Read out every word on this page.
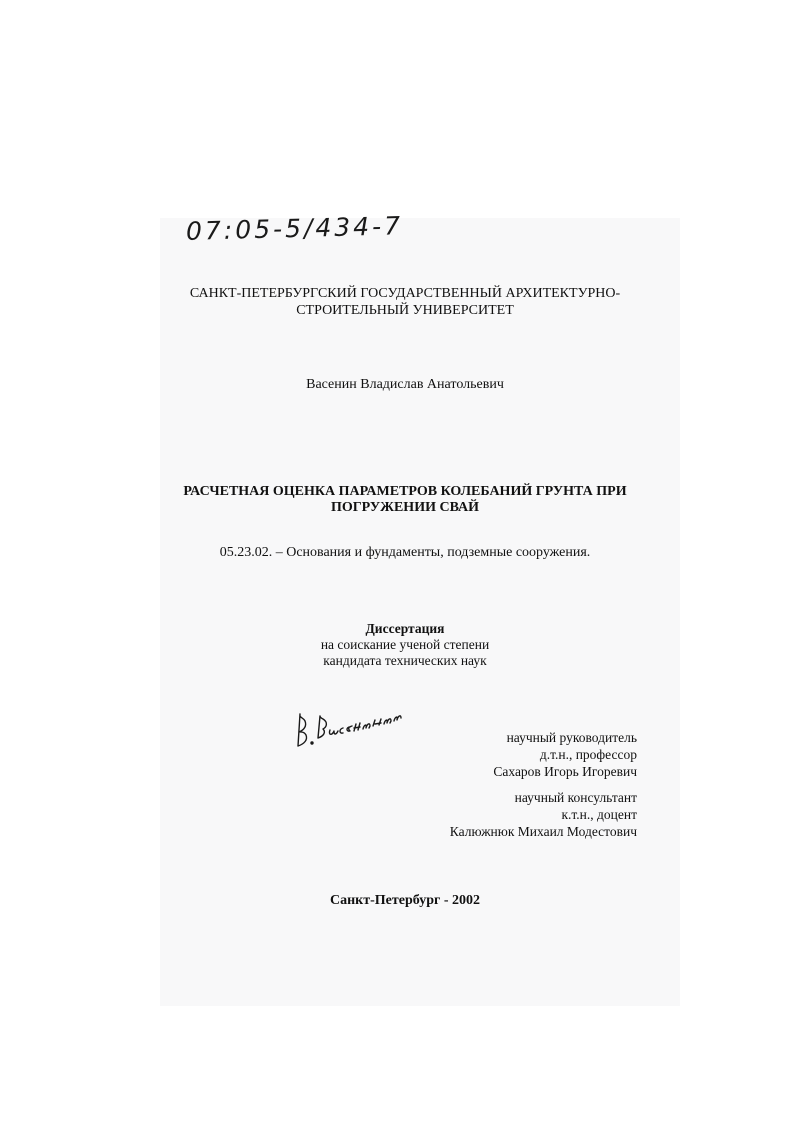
07:05-5/434-7
САНКТ-ПЕТЕРБУРГСКИЙ ГОСУДАРСТВЕННЫЙ АРХИТЕКТУРНО-
СТРОИТЕЛЬНЫЙ УНИВЕРСИТЕТ
Васенин Владислав Анатольевич
РАСЧЕТНАЯ ОЦЕНКА ПАРАМЕТРОВ КОЛЕБАНИЙ ГРУНТА ПРИ
ПОГРУЖЕНИИ СВАЙ
05.23.02. – Основания и фундаменты, подземные сооружения.
Диссертация
на соискание ученой степени
кандидата технических наук
научный руководитель
д.т.н., профессор
Сахаров Игорь Игоревич
научный консультант
к.т.н., доцент
Калюжнюк Михаил Модестович
Санкт-Петербург - 2002
